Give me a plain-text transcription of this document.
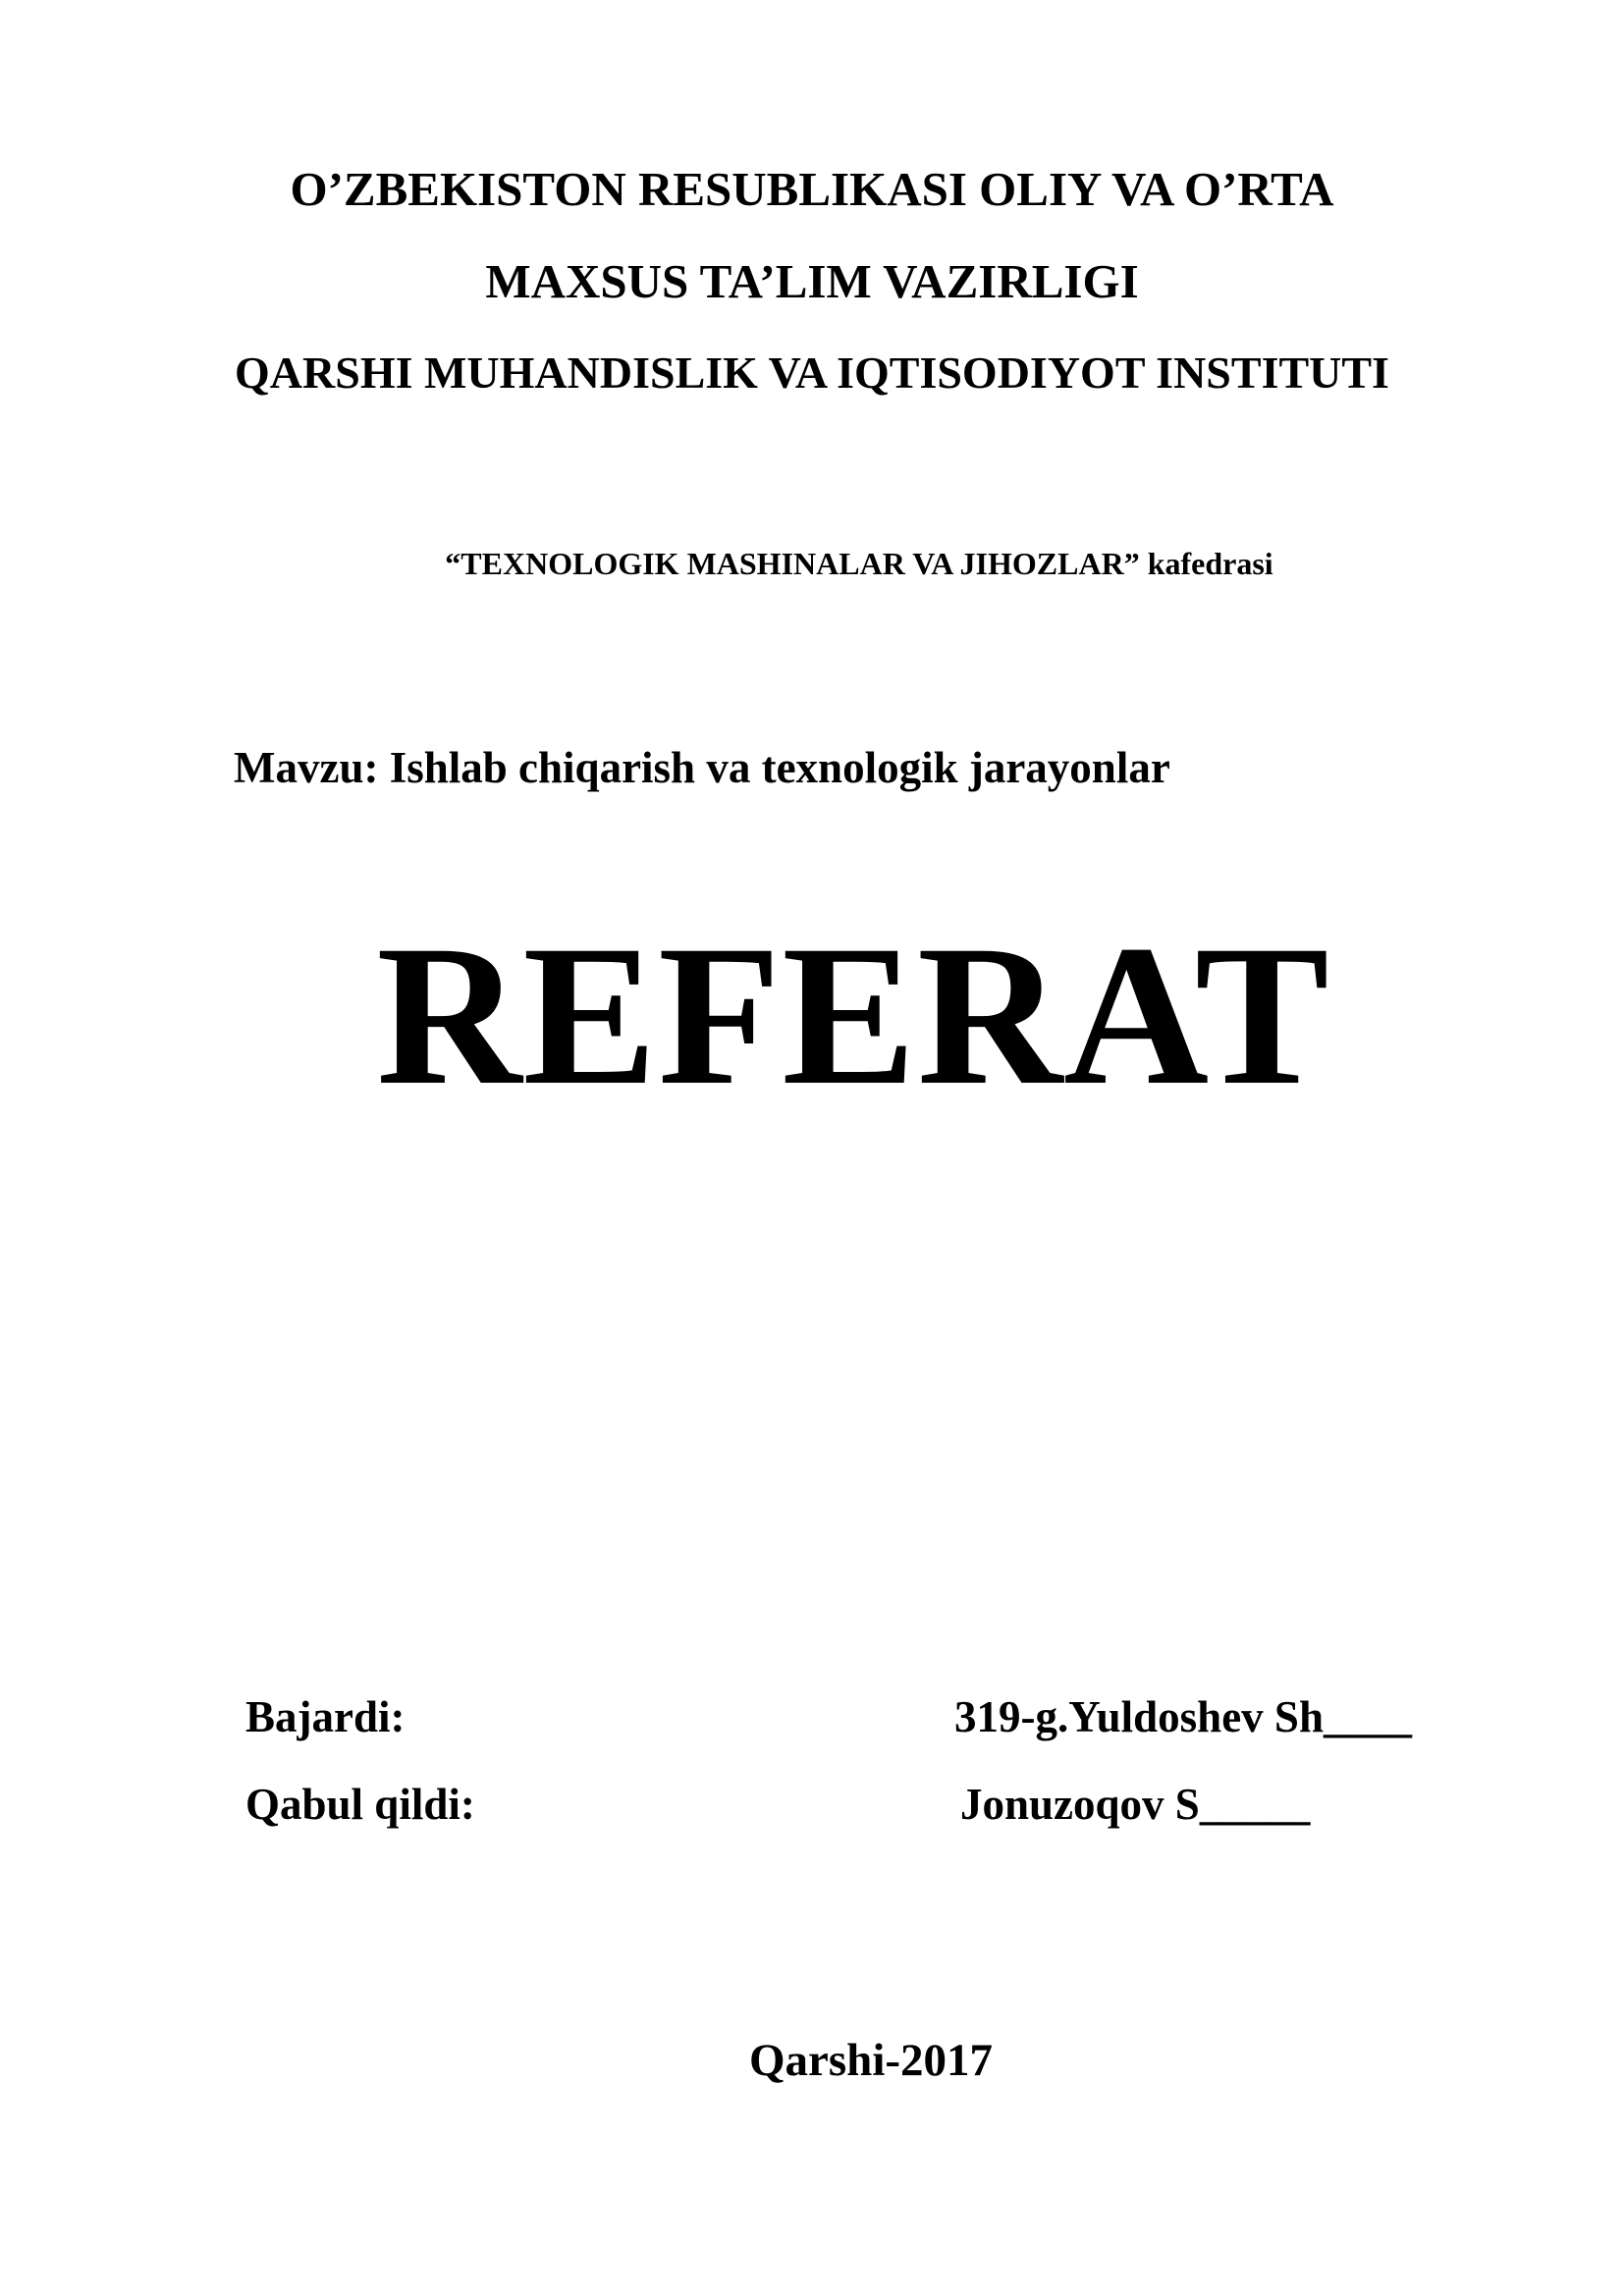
O’ZBEKISTON RESUBLIKASI OLIY VA O’RTA
MAXSUS TA’LIM VAZIRLIGI
QARSHI MUHANDISLIK VA IQTISODIYOT INSTITUTI
“TEXNOLOGIK MASHINALAR VA JIHOZLAR” kafedrasi
Mavzu: Ishlab chiqarish va texnologik jarayonlar
REFERAT
Bajardi:	319-g.Yuldoshev Sh____
Qabul qildi:	Jonuzoqov S_____
Qarshi-2017
